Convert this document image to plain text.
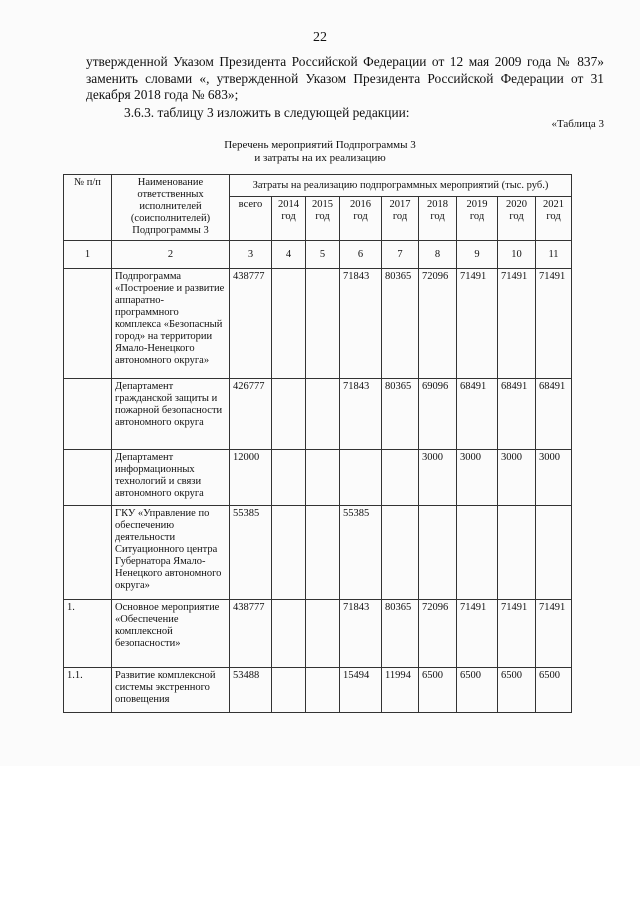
22
утвержденной Указом Президента Российской Федерации от 12 мая 2009 года № 837» заменить словами «, утвержденной Указом Президента Российской Федерации от 31 декабря 2018 года № 683»;
3.6.3. таблицу 3 изложить в следующей редакции:
«Таблица 3
Перечень мероприятий Подпрограммы 3
и затраты на их реализацию
№ п/п	Наименование ответственных исполнителей (соисполнителей) Подпрограммы 3	Затраты на реализацию подпрограммных мероприятий (тыс. руб.)								
		всего	2014 год	2015 год	2016 год	2017 год	2018 год	2019 год	2020 год	2021 год
1	2	3	4	5	6	7	8	9	10	11
	Подпрограмма «Построение и развитие аппаратно-программного комплекса «Безопасный город» на территории Ямало-Ненецкого автономного округа»	438777			71843	80365	72096	71491	71491	71491
	Департамент гражданской защиты и пожарной безопасности автономного округа	426777			71843	80365	69096	68491	68491	68491
	Департамент информационных технологий и связи автономного округа	12000					3000	3000	3000	3000
	ГКУ «Управление по обеспечению деятельности Ситуационного центра Губернатора Ямало-Ненецкого автономного округа»	55385			55385					
1.	Основное мероприятие «Обеспечение комплексной безопасности»	438777			71843	80365	72096	71491	71491	71491
1.1.	Развитие комплексной системы экстренного оповещения	53488			15494	11994	6500	6500	6500	6500
